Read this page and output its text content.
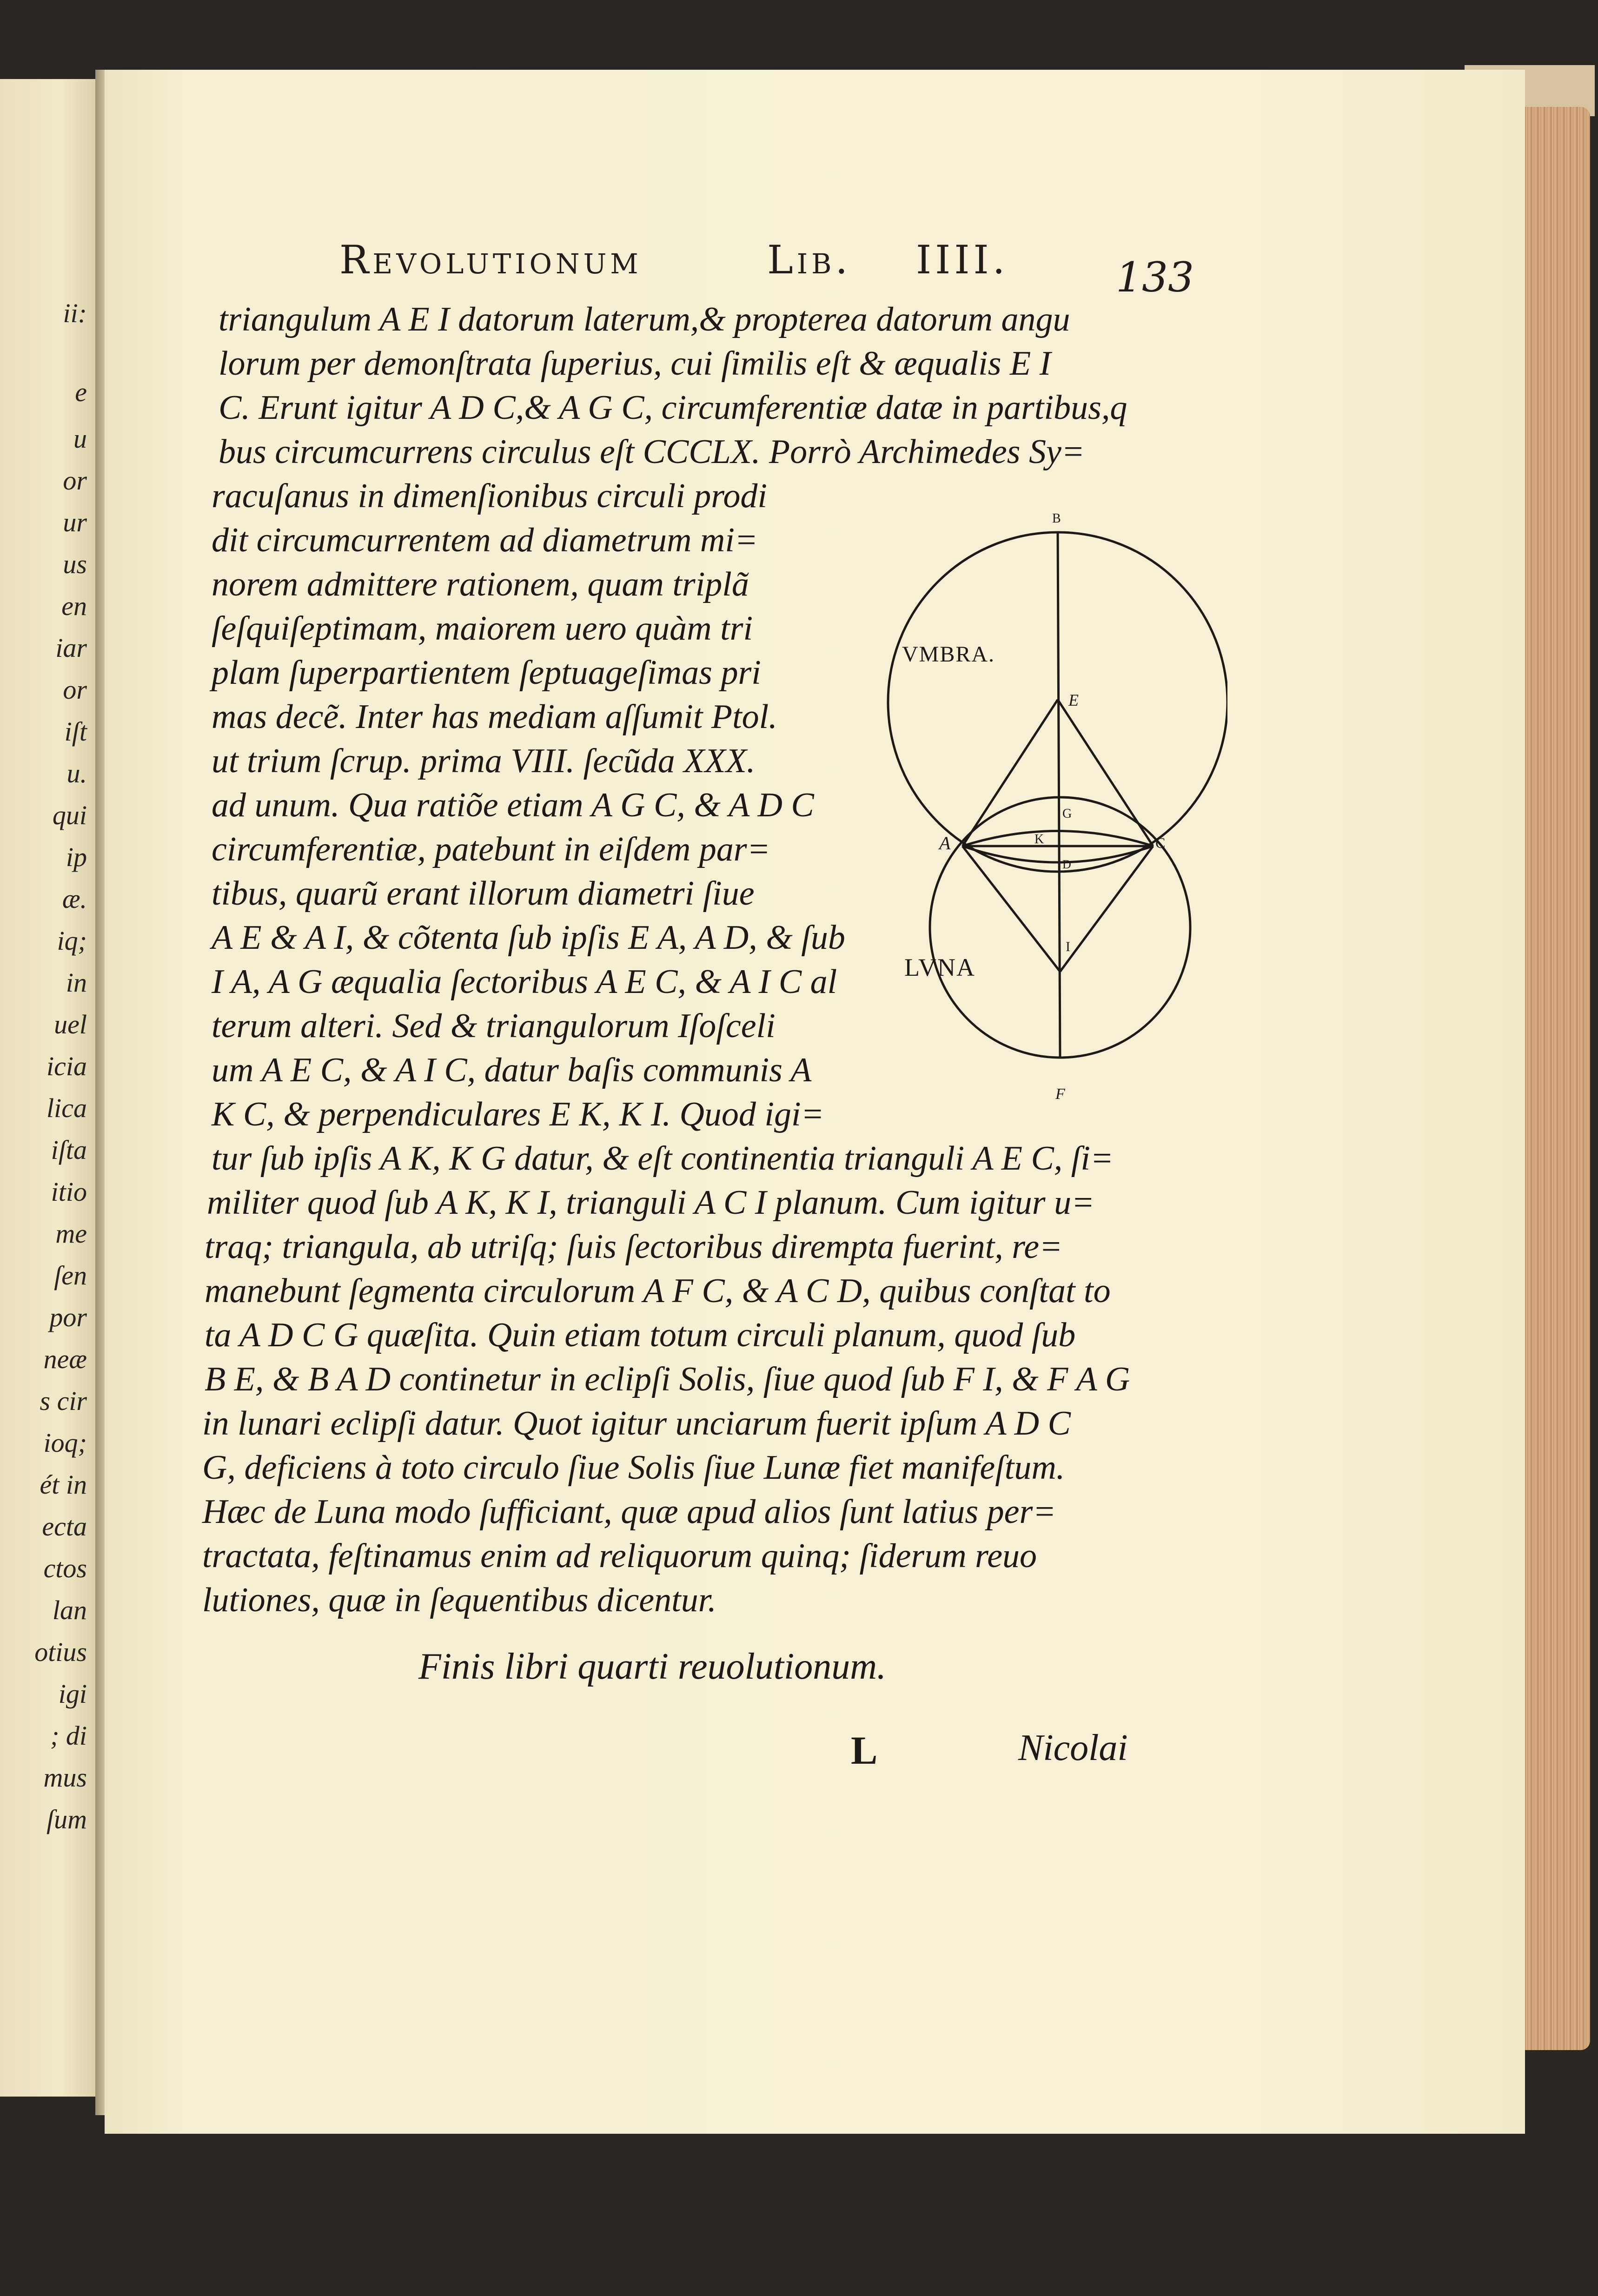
ii:
e
u
or
ur
us
en
iar
or
iſt
u.
qui
ip
æ.
iq;
in
uel
icia
lica
iſta
itio
me
ſen
por
neæ
s cir
ioq;
ét in
ecta
ctos
lan
otius
igi
; di
mus
ſum
Revolutionum	Lib. IIII.	133
triangulum A E I datorum laterum,& propterea datorum angu
lorum per demonſtrata ſuperius, cui ſimilis eſt & æqualis E I
C. Erunt igitur A D C,& A G C, circumferentiæ datæ in partibus,q
bus circumcurrens circulus eſt CCCLX. Porrò Archimedes Sy=
racuſanus in dimenſionibus circuli prodi
dit circumcurrentem ad diametrum mi=
norem admittere rationem, quam triplã
ſeſquiſeptimam, maiorem uero quàm tri
plam ſuperpartientem ſeptuageſimas pri
mas decẽ. Inter has mediam aſſumit Ptol.
ut trium ſcrup. prima VIII. ſecũda XXX.
ad unum. Qua ratiõe etiam A G C, & A D C
circumferentiæ, patebunt in eiſdem par=
tibus, quarũ erant illorum diametri ſiue
A E & A I, & cõtenta ſub ipſis E A, A D, & ſub
I A, A G æqualia ſectoribus A E C, & A I C al
terum alteri. Sed & triangulorum Iſoſceli
um A E C, & A I C, datur baſis communis A
K C, & perpendiculares E K, K I. Quod igi=
tur ſub ipſis A K, K G datur, & eſt continentia trianguli A E C, ſi=
militer quod ſub A K, K I, trianguli A C I planum. Cum igitur u=
traq; triangula, ab utriſq; ſuis ſectoribus dirempta fuerint, re=
manebunt ſegmenta circulorum A F C, & A C D, quibus conſtat to
ta A D C G quæſita. Quin etiam totum circuli planum, quod ſub
B E, & B A D continetur in eclipſi Solis, ſiue quod ſub F I, & F A G
in lunari eclipſi datur. Quot igitur unciarum fuerit ipſum A D C
G, deficiens à toto circulo ſiue Solis ſiue Lunæ fiet manifeſtum.
Hæc de Luna modo ſufficiant, quæ apud alios ſunt latius per=
tractata, feſtinamus enim ad reliquorum quinq; ſiderum reuo
lutiones, quæ in ſequentibus dicentur.
B
E
G
K
D
I
A	C
F
VMBRA.
LVNA
Finis libri quarti reuolutionum.
L	Nicolai
